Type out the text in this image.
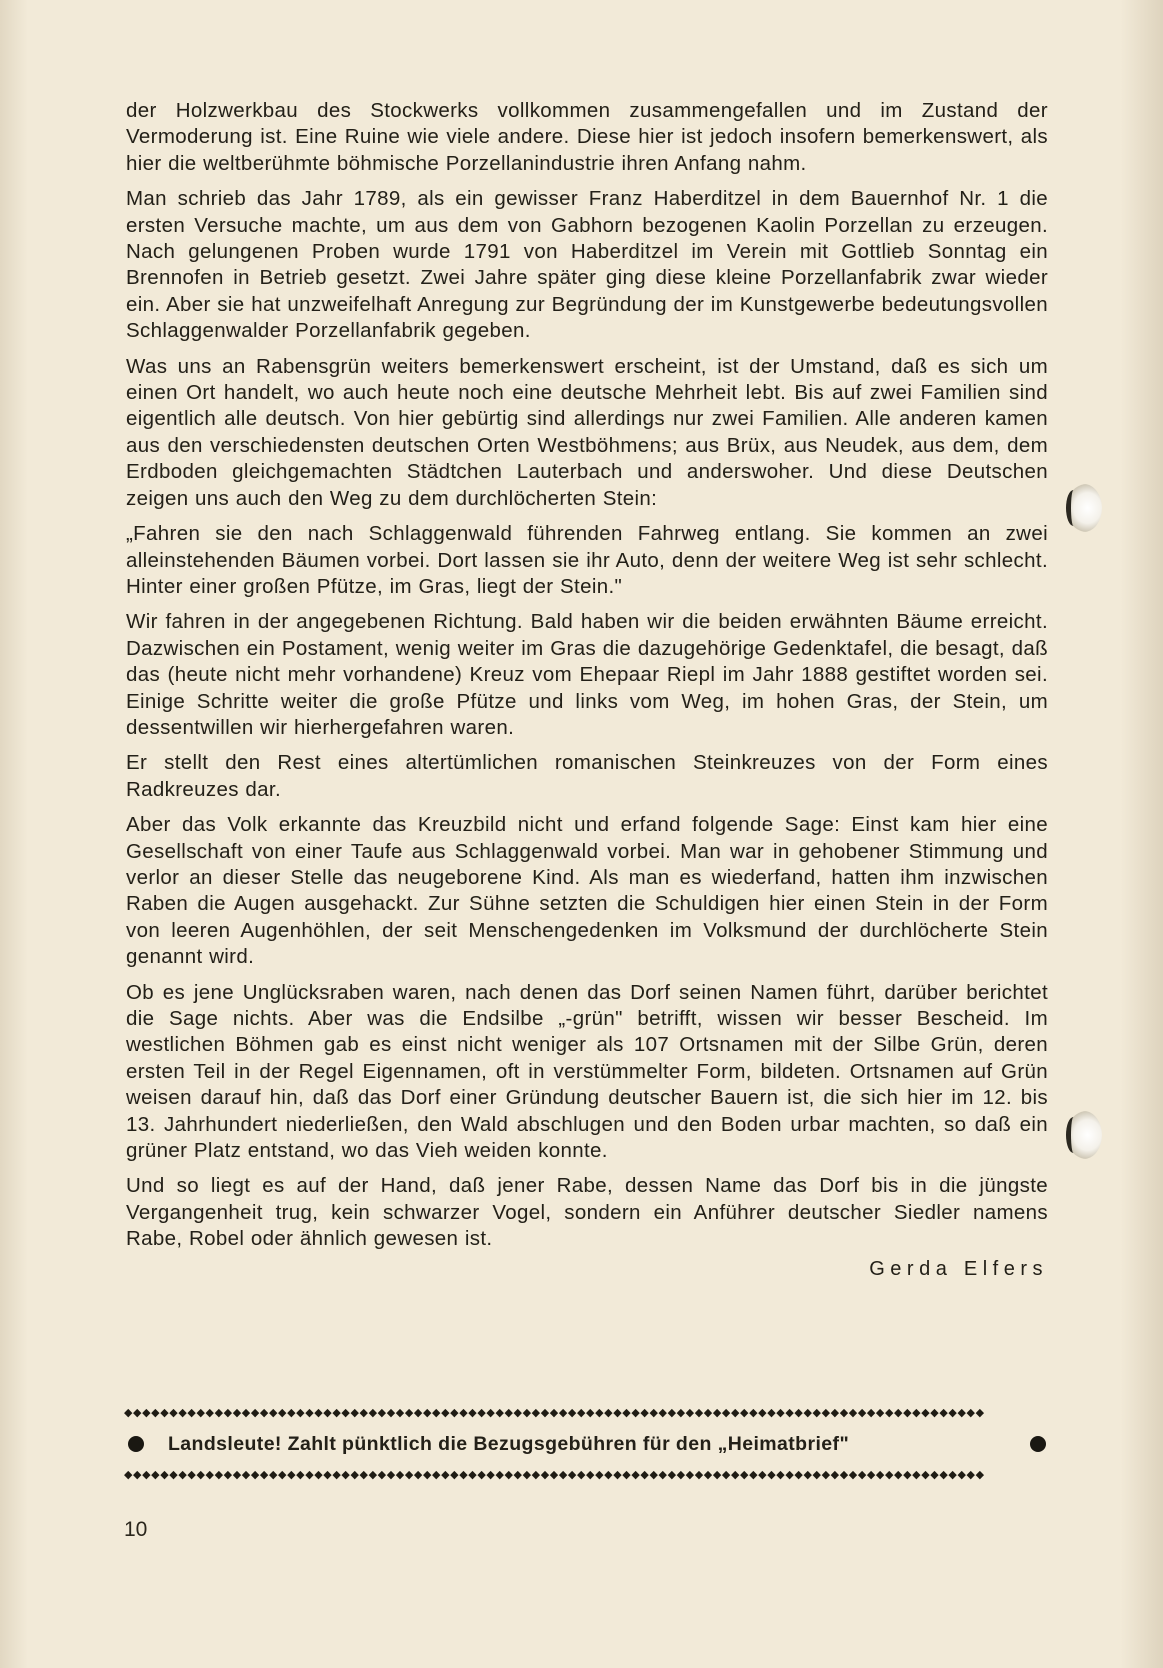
der Holzwerkbau des Stockwerks vollkommen zusammengefallen und im Zustand der Vermoderung ist. Eine Ruine wie viele andere. Diese hier ist jedoch insofern bemerkenswert, als hier die weltberühmte böhmische Porzellanindustrie ihren Anfang nahm.

Man schrieb das Jahr 1789, als ein gewisser Franz Haberditzel in dem Bauernhof Nr. 1 die ersten Versuche machte, um aus dem von Gabhorn bezogenen Kaolin Porzellan zu erzeugen. Nach gelungenen Proben wurde 1791 von Haberditzel im Verein mit Gottlieb Sonntag ein Brennofen in Betrieb gesetzt. Zwei Jahre später ging diese kleine Porzellanfabrik zwar wieder ein. Aber sie hat unzweifelhaft Anregung zur Begründung der im Kunstgewerbe bedeutungsvollen Schlaggenwalder Porzellanfabrik gegeben.

Was uns an Rabensgrün weiters bemerkenswert erscheint, ist der Umstand, daß es sich um einen Ort handelt, wo auch heute noch eine deutsche Mehrheit lebt. Bis auf zwei Familien sind eigentlich alle deutsch. Von hier gebürtig sind allerdings nur zwei Familien. Alle anderen kamen aus den verschiedensten deutschen Orten Westböhmens; aus Brüx, aus Neudek, aus dem, dem Erdboden gleichgemachten Städtchen Lauterbach und anderswoher. Und diese Deutschen zeigen uns auch den Weg zu dem durchlöcherten Stein:

„Fahren sie den nach Schlaggenwald führenden Fahrweg entlang. Sie kommen an zwei alleinstehenden Bäumen vorbei. Dort lassen sie ihr Auto, denn der weitere Weg ist sehr schlecht. Hinter einer großen Pfütze, im Gras, liegt der Stein."

Wir fahren in der angegebenen Richtung. Bald haben wir die beiden erwähnten Bäume erreicht. Dazwischen ein Postament, wenig weiter im Gras die dazugehörige Gedenktafel, die besagt, daß das (heute nicht mehr vorhandene) Kreuz vom Ehepaar Riepl im Jahr 1888 gestiftet worden sei. Einige Schritte weiter die große Pfütze und links vom Weg, im hohen Gras, der Stein, um dessentwillen wir hierhergefahren waren.

Er stellt den Rest eines altertümlichen romanischen Steinkreuzes von der Form eines Radkreuzes dar.

Aber das Volk erkannte das Kreuzbild nicht und erfand folgende Sage: Einst kam hier eine Gesellschaft von einer Taufe aus Schlaggenwald vorbei. Man war in gehobener Stimmung und verlor an dieser Stelle das neugeborene Kind. Als man es wiederfand, hatten ihm inzwischen Raben die Augen ausgehackt. Zur Sühne setzten die Schuldigen hier einen Stein in der Form von leeren Augenhöhlen, der seit Menschengedenken im Volksmund der durchlöcherte Stein genannt wird.

Ob es jene Unglücksraben waren, nach denen das Dorf seinen Namen führt, darüber berichtet die Sage nichts. Aber was die Endsilbe „-grün" betrifft, wissen wir besser Bescheid. Im westlichen Böhmen gab es einst nicht weniger als 107 Ortsnamen mit der Silbe Grün, deren ersten Teil in der Regel Eigennamen, oft in verstümmelter Form, bildeten. Ortsnamen auf Grün weisen darauf hin, daß das Dorf einer Gründung deutscher Bauern ist, die sich hier im 12. bis 13. Jahrhundert niederließen, den Wald abschlugen und den Boden urbar machten, so daß ein grüner Platz entstand, wo das Vieh weiden konnte.

Und so liegt es auf der Hand, daß jener Rabe, dessen Name das Dorf bis in die jüngste Vergangenheit trug, kein schwarzer Vogel, sondern ein Anführer deutscher Siedler namens Rabe, Robel oder ähnlich gewesen ist.

Gerda Elfers
◆◆◆◆◆◆◆◆◆◆◆◆◆◆◆◆◆◆◆◆◆◆◆◆◆◆◆◆◆◆◆◆◆◆◆◆◆◆◆◆◆◆◆◆◆◆◆◆◆◆◆◆◆◆◆◆◆◆◆◆◆◆◆◆◆◆◆◆◆◆◆◆◆◆◆◆◆◆◆◆◆◆◆◆◆◆◆◆◆◆◆◆◆◆◆
Landsleute! Zahlt pünktlich die Bezugsgebühren für den „Heimatbrief"
◆◆◆◆◆◆◆◆◆◆◆◆◆◆◆◆◆◆◆◆◆◆◆◆◆◆◆◆◆◆◆◆◆◆◆◆◆◆◆◆◆◆◆◆◆◆◆◆◆◆◆◆◆◆◆◆◆◆◆◆◆◆◆◆◆◆◆◆◆◆◆◆◆◆◆◆◆◆◆◆◆◆◆◆◆◆◆◆◆◆◆◆◆◆◆
10
